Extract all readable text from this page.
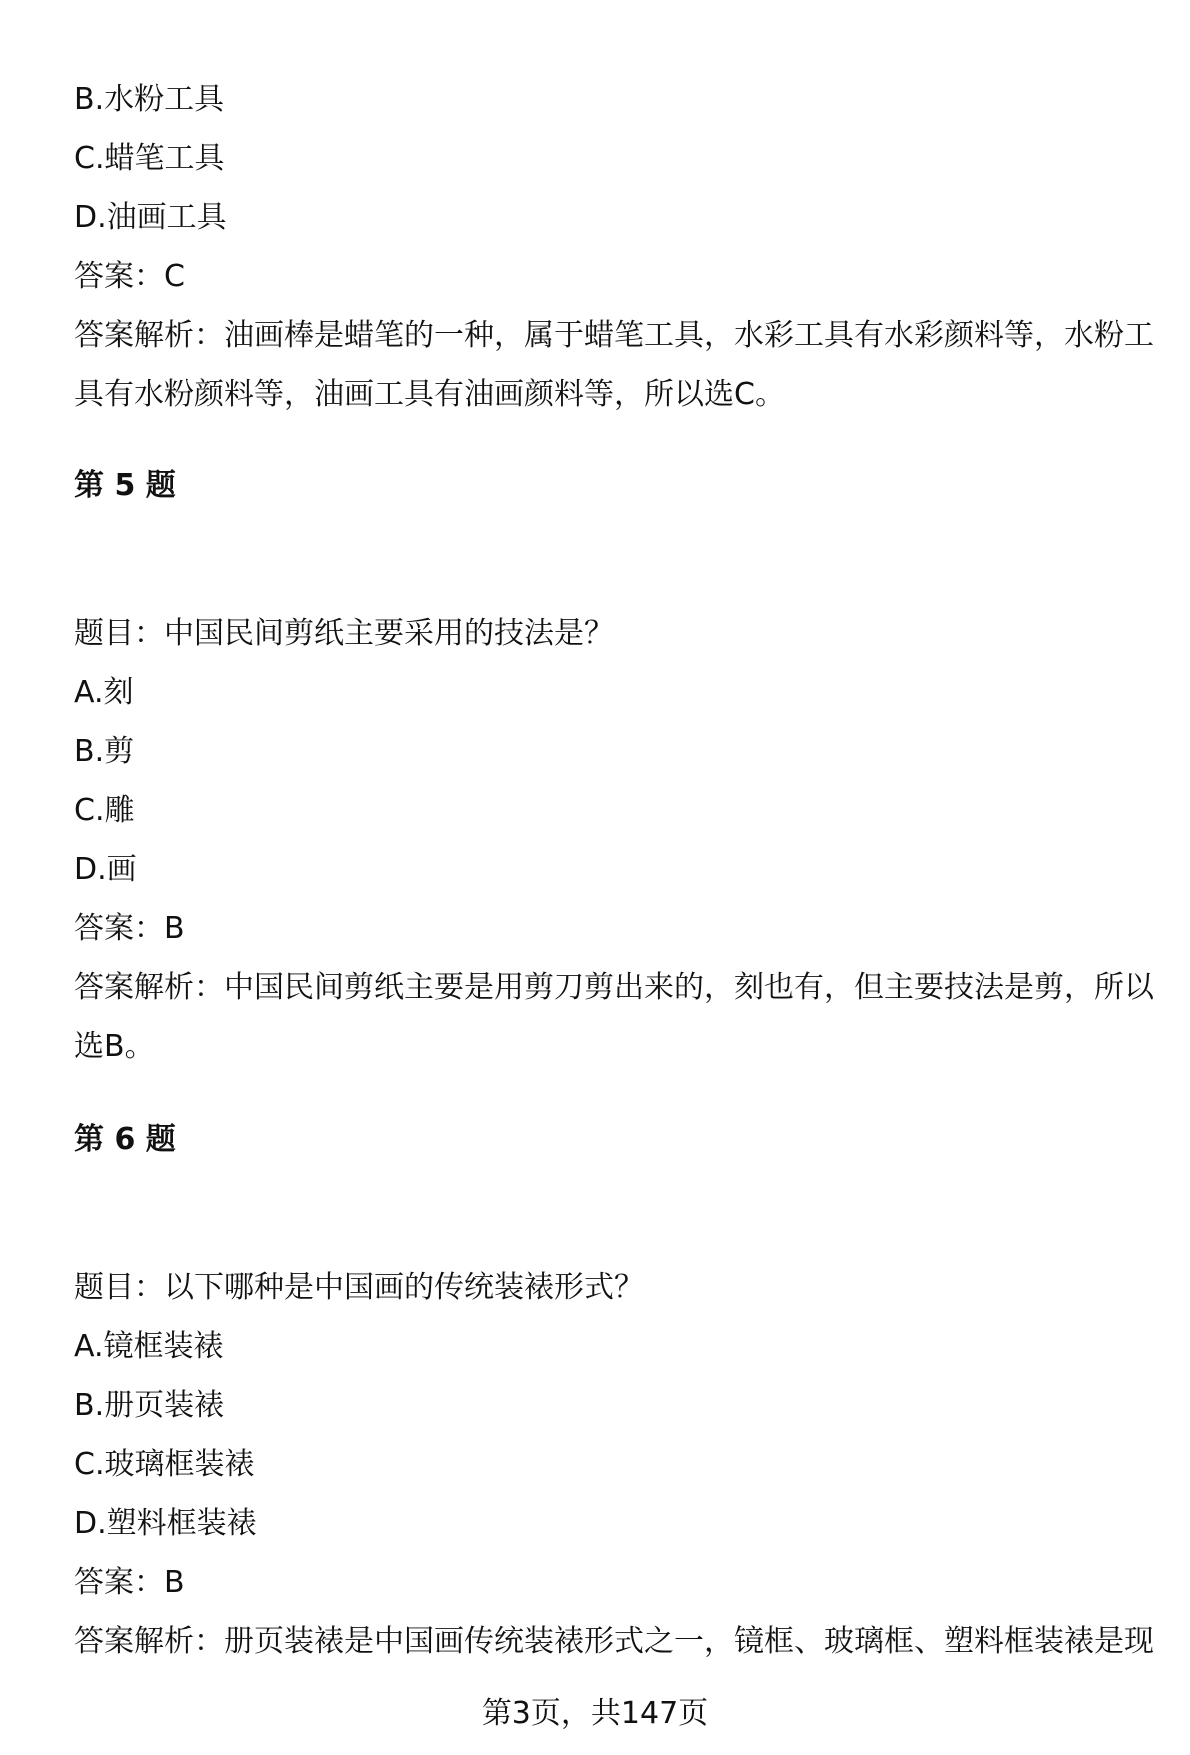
B.水粉工具
C.蜡笔工具
D.油画工具
答案：C
答案解析：油画棒是蜡笔的一种，属于蜡笔工具，水彩工具有水彩颜料等，水粉工
具有水粉颜料等，油画工具有油画颜料等，所以选C。
第 5 题
题目：中国民间剪纸主要采用的技法是？
A.刻
B.剪
C.雕
D.画
答案：B
答案解析：中国民间剪纸主要是用剪刀剪出来的，刻也有，但主要技法是剪，所以
选B。
第 6 题
题目：以下哪种是中国画的传统装裱形式？
A.镜框装裱
B.册页装裱
C.玻璃框装裱
D.塑料框装裱
答案：B
答案解析：册页装裱是中国画传统装裱形式之一，镜框、玻璃框、塑料框装裱是现
第3页，共147页
